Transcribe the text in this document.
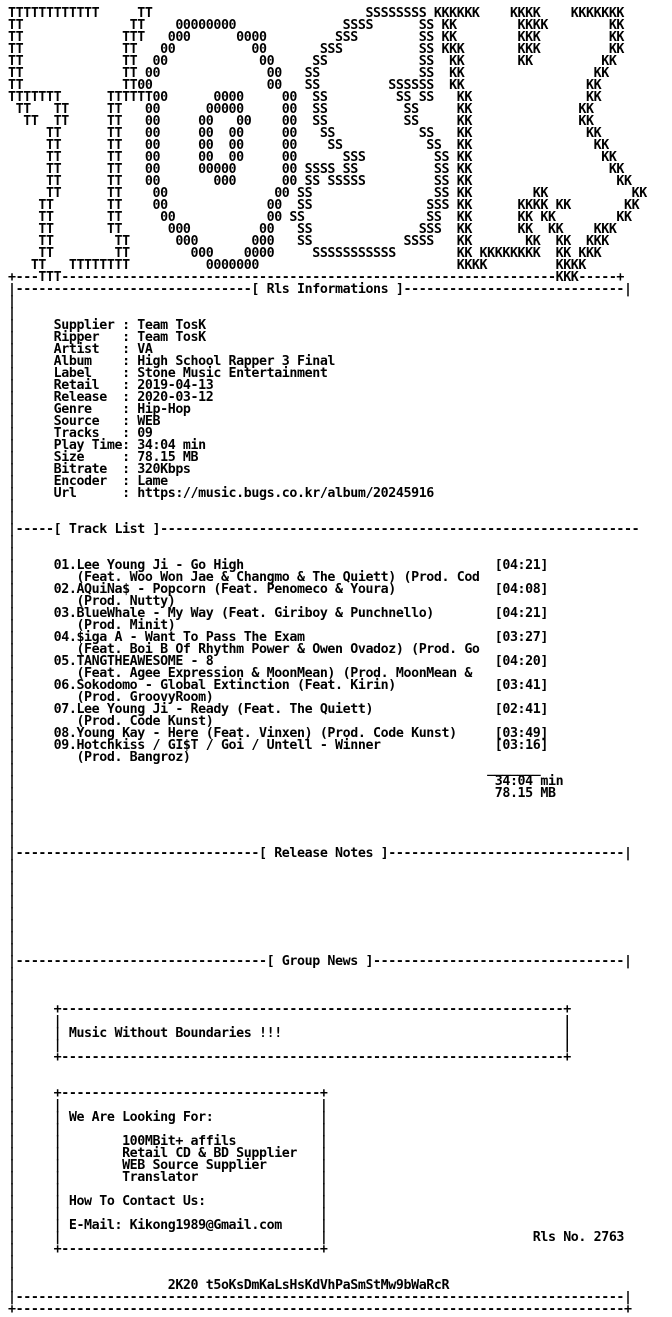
TTTTTTTTTTTT     TT                            SSSSSSSS KKKKKK    KKKK    KKKKKKK
TT              TT    00000000              SSSS      SS KK        KKKK        KK
TT             TTT   000      0000         SSS        SS KK        KKK         KK
TT             TT   00          00       SSS          SS KKK       KKK         KK
TT             TT  00            00     SS            SS  KK       KK         KK
TT             TT 00              00   SS             SS  KK                 KK
TT             TT00               00   SS         SSSSSS  KK                KK
TTTTTTT      TTTTTT00      0000     00  SS         SS SS   KK               KK
TT   TT     TT   00      00000     00  SS          SS     KK              KK
TT  TT     TT   00     00   00    00  SS          SS     KK              KK
TT      TT   00     00  00     00   SS           SS   KK               KK
TT      TT   00     00  00     00    SS           SS  KK                KK
TT      TT   00     00  00     00      SSS         SS KK                 KK
TT      TT   00     00000      00 SSSS SS          SS KK                  KK
TT      TT   00       000      00 SS SSSSS         SS KK                   KK
TT      TT    00              00 SS                SS KK        KK           KK
TT       TT    00             00  SS               SSS KK      KKKK KK       KK
TT       TT     00            00 SS                SS  KK      KK KK        KK
TT       TT      000         00   SS              SSS  KK      KK  KK    KKK
TT        TT      000       000   SS            SSSS   KK       KK  KK  KKK
TT        TT        000    0000     SSSSSSSSSSS        KK KKKKKKKK  KK KKK
TT   TTTTTTTT          0000000                          KKKK         KKKK
+---TTT-----------------------------------------------------------------KKK-----+
|-------------------------------[ Rls Informations ]-----------------------------|
|
|
|     Supplier : Team TosK
|     Ripper   : Team TosK
|     Artist   : VA
|     Album    : High School Rapper 3 Final
|     Label    : Stone Music Entertainment
|     Retail   : 2019-04-13
|     Release  : 2020-03-12
|     Genre    : Hip-Hop
|     Source   : WEB
|     Tracks   : 09
|     Play Time: 34:04 min
|     Size     : 78.15 MB
|     Bitrate  : 320Kbps
|     Encoder  : Lame
|     Url      : https://music.bugs.co.kr/album/20245916
|
|
|-----[ Track List ]---------------------------------------------------------------
|
|
|     01.Lee Young Ji - Go High                                 [04:21]
|        (Feat. Woo Won Jae & Changmo & The Quiett) (Prod. Cod
|     02.AQuiNa$ - Popcorn (Feat. Penomeco & Youra)             [04:08]
|        (Prod. Nutty)
|     03.BlueWhale - My Way (Feat. Giriboy & Punchnello)        [04:21]
|        (Prod. Minit)
|     04.$iga A - Want To Pass The Exam                         [03:27]
|        (Feat. Boi B Of Rhythm Power & Owen Ovadoz) (Prod. Go
|     05.TANGTHEAWESOME - 8                                     [04:20]
|        (Feat. Agee Expression & MoonMean) (Prod. MoonMean &
|     06.Sokodomo - Global Extinction (Feat. Kirin)             [03:41]
|        (Prod. GroovyRoom)
|     07.Lee Young Ji - Ready (Feat. The Quiett)                [02:41]
|        (Prod. Code Kunst)
|     08.Young Kay - Here (Feat. Vinxen) (Prod. Code Kunst)     [03:49]
|     09.Hotchkiss / GI$T / Goi / Untell - Winner               [03:16]
|        (Prod. Bangroz)
|                                                              _______
|                                                               34:04 min
|                                                               78.15 MB
|
|
|
|
|--------------------------------[ Release Notes ]-------------------------------|
|
|
|
|
|
|
|
|
|---------------------------------[ Group News ]---------------------------------|
|
|
|
|     +------------------------------------------------------------------+
|     |                                                                  |
|     | Music Without Boundaries !!!                                     |
|     |                                                                  |
|     +------------------------------------------------------------------+
|
|
|     +----------------------------------+
|     |                                  |
|     | We Are Looking For:              |
|     |                                  |
|     |        100MBit+ affils           |
|     |        Retail CD & BD Supplier   |
|     |        WEB Source Supplier       |
|     |        Translator                |
|     |                                  |
|     | How To Contact Us:               |
|     |                                  |
|     | E-Mail: Kikong1989@Gmail.com     |
|     |                                  |                           Rls No. 2763
|     +----------------------------------+
|
|
|                    2K20 t5oKsDmKaLsHsKdVhPaSmStMw9bWaRcR
|--------------------------------------------------------------------------------|
+--------------------------------------------------------------------------------+
